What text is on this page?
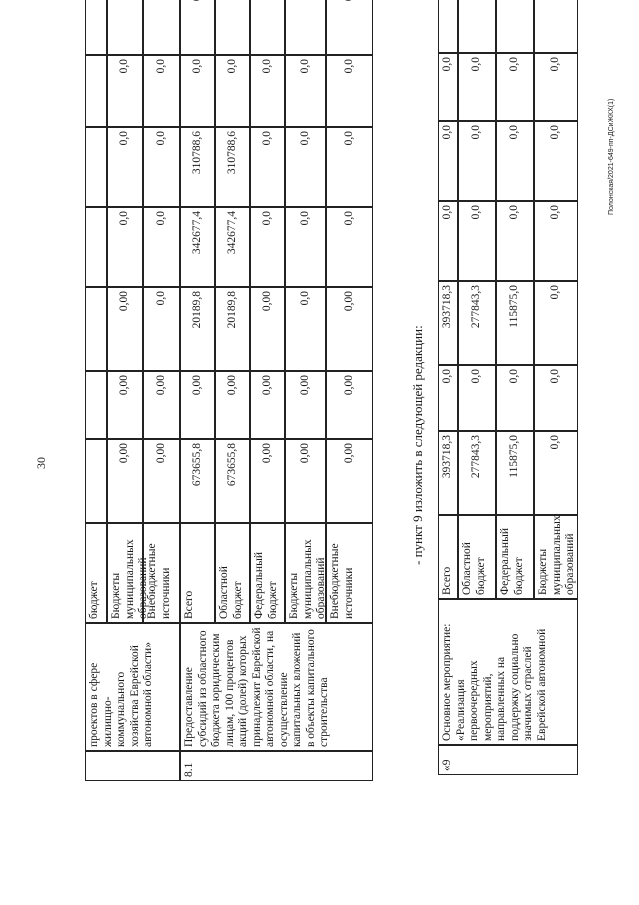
30
проектов в сфере жилищно-коммунального хозяйства Еврейской автономной области»
бюджет Бюджеты муниципальных образований
0,00
0,00
0,00
0,0
0,0
0,0
Внебюджетные источники
0,00
0,00
0,0
0,0
0,0
0,0
8.1
Предоставление субсидий из областного бюджета юридическим лицам, 100 процентов акций (долей) которых принадлежит Еврейской автономной области, на осуществление капитальных вложений в объекты капитального строительства
Всего
673655,8
0,00
20189,8
342677,4
310788,6
0,0
Областной бюджет
673655,8
0,00
20189,8
342677,4
310788,6
0,0
Федеральный бюджет
0,00
0,00
0,00
0,0
0,0
0,0
Бюджеты муниципальных образований
0,00
0,00
0,0
0,0
0,0
0,0
Внебюджетные источники
0,00
0,00
0,00
0,0
0,0
0,0
- пункт 9 изложить в следующей редакции:
«9
Основное мероприятие: «Реализация первоочередных мероприятий, направленных на поддержку социально значимых отраслей Еврейской автономной
Всего
393718,3
0,0
393718,3
0,0
0,0
0,0
Областной бюджет
277843,3
0,0
277843,3
0,0
0,0
0,0
Федеральный бюджет
115875,0
0,0
115875,0
0,0
0,0
0,0
Бюджеты муниципальных образований
0,0
0,0
0,0
0,0
0,0
0,0
Полонская/2021-649-пп-ДСиЖКХ(1)
